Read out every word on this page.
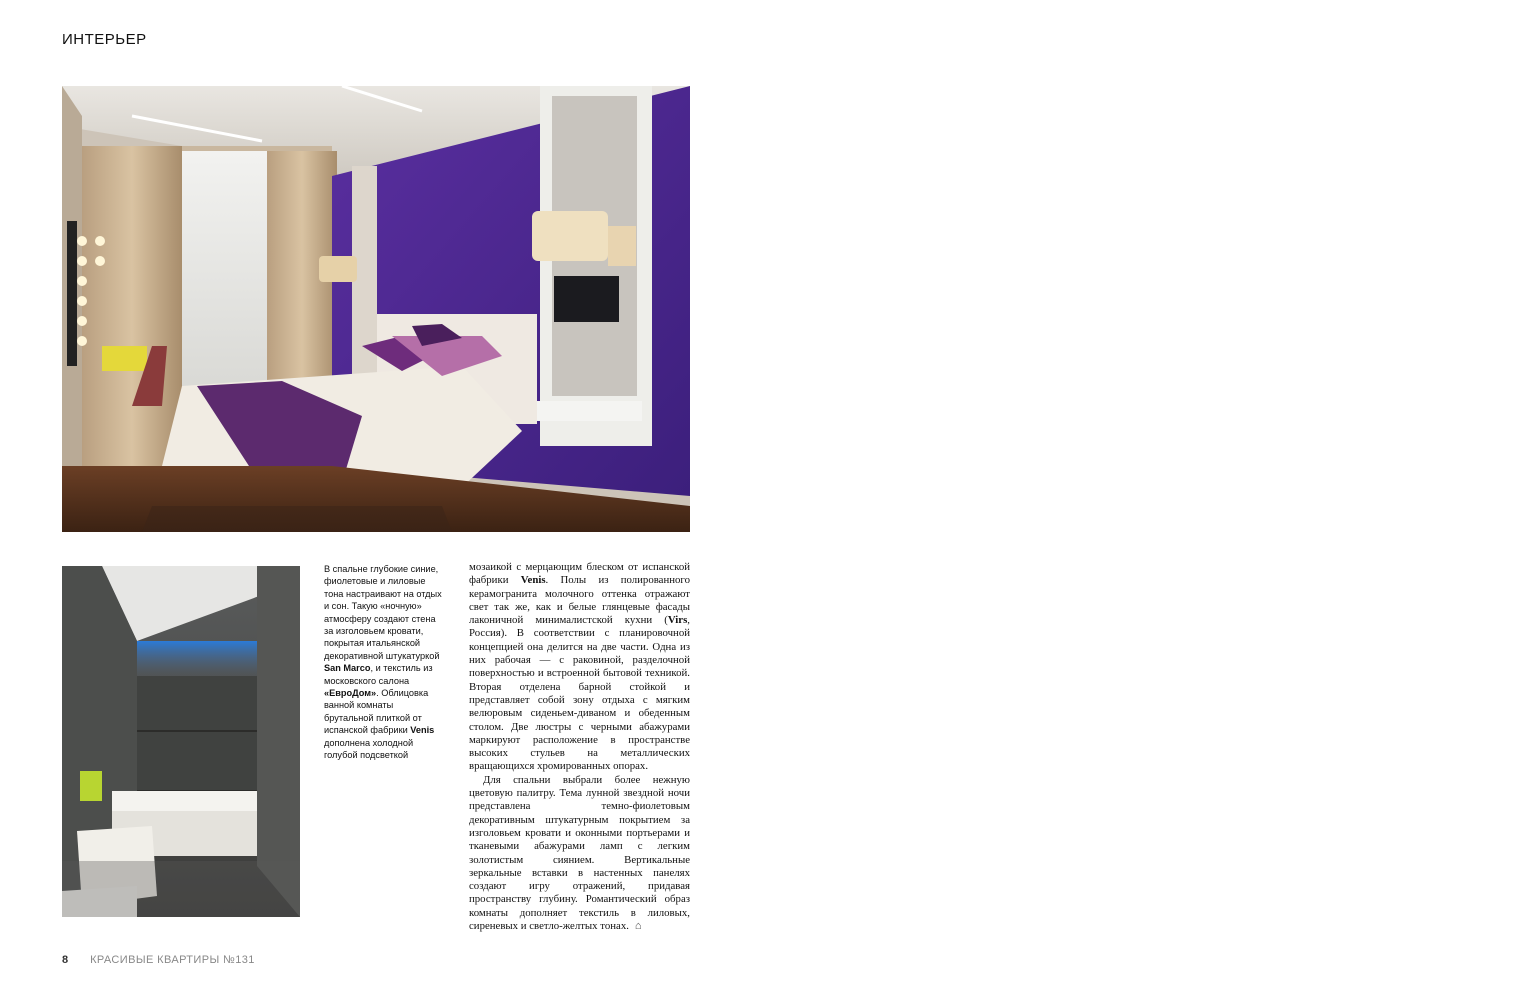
ИНТЕРЬЕР
В спальне глубокие синие, фиолетовые и лиловые тона настраивают на отдых и сон. Такую «ночную» атмосферу создают стена за изголовьем кровати, покрытая итальянской декоративной штукатуркой San Marco, и текстиль из московского салона «ЕвроДом». Облицовка ванной комнаты брутальной плиткой от испанской фабрики Venis дополнена холодной голубой подсветкой

мозаикой с мерцающим блеском от испанской фабрики Venis. Полы из полированного керамогранита молочного оттенка отражают свет так же, как и белые глянцевые фасады лаконичной минималистской кухни (Virs, Россия). В соответствии с планировочной концепцией она делится на две части. Одна из них рабочая — с раковиной, разделочной поверхностью и встроенной бытовой техникой. Вторая отделена барной стойкой и представляет собой зону отдыха с мягким велюровым сиденьем-диваном и обеденным столом. Две люстры с черными абажурами маркируют расположение в пространстве высоких стульев на металлических вращающихся хромированных опорах.

Для спальни выбрали более нежную цветовую палитру. Тема лунной звездной ночи представлена темно-фиолетовым декоративным штукатурным покрытием за изголовьем кровати и оконными портьерами и тканевыми абажурами ламп с легким золотистым сиянием. Вертикальные зеркальные вставки в настенных панелях создают игру отражений, придавая пространству глубину. Романтический образ комнаты дополняет текстиль в лиловых, сиреневых и светло-желтых тонах. ⌂

8 КРАСИВЫЕ КВАРТИРЫ №131
